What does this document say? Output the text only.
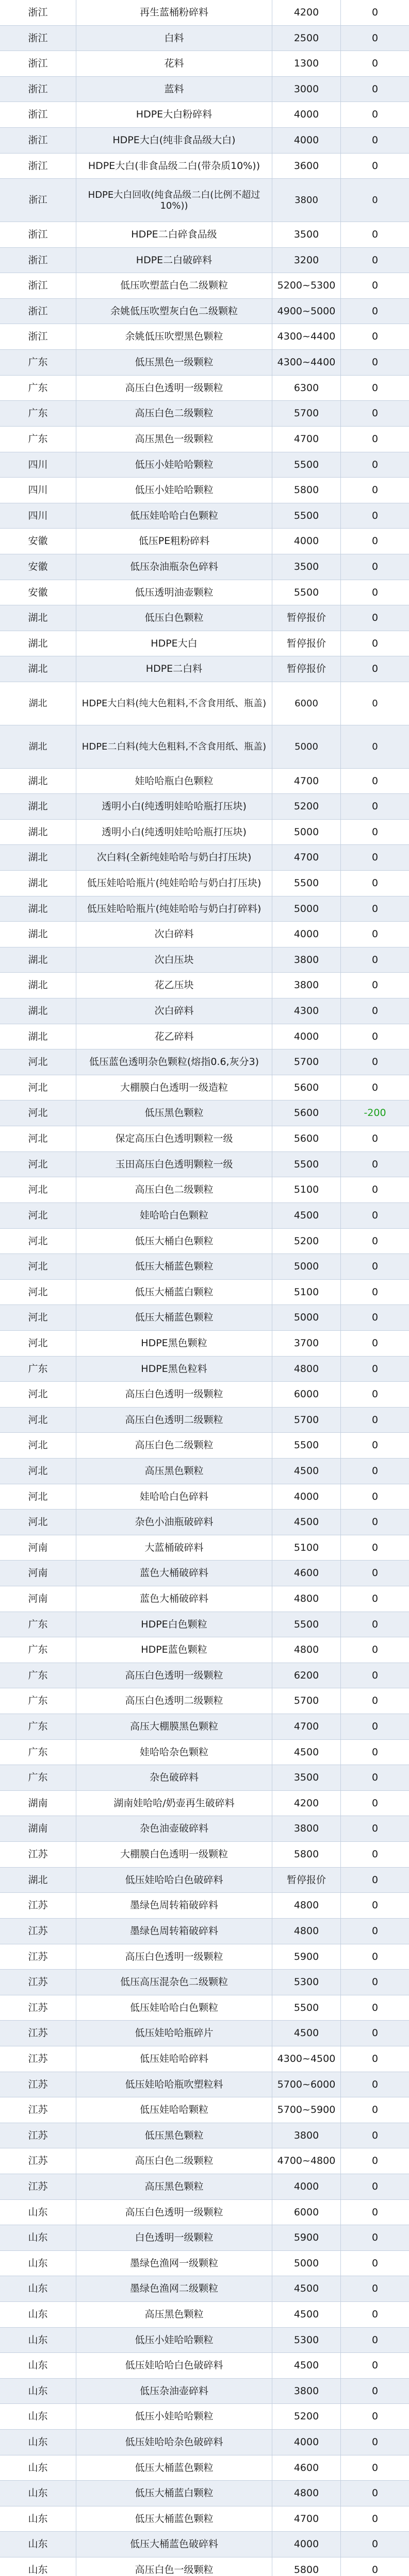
浙江	再生蓝桶粉碎料	4200	0
浙江	白料	2500	0
浙江	花料	1300	0
浙江	蓝料	3000	0
浙江	HDPE大白粉碎料	4000	0
浙江	HDPE大白(纯非食品级大白)	4000	0
浙江	HDPE大白(非食品级二白(带杂质10%))	3600	0
浙江	HDPE大白回收(纯食品级二白(比例不超过10%))	3800	0
浙江	HDPE二白碎食品级	3500	0
浙江	HDPE二白破碎料	3200	0
浙江	低压吹塑蓝白色二级颗粒	5200~5300	0
浙江	余姚低压吹塑灰白色二级颗粒	4900~5000	0
浙江	余姚低压吹塑黑色颗粒	4300~4400	0
广东	低压黑色一级颗粒	4300~4400	0
广东	高压白色透明一级颗粒	6300	0
广东	高压白色二级颗粒	5700	0
广东	高压黑色一级颗粒	4700	0
四川	低压小娃哈哈颗粒	5500	0
四川	低压小娃哈哈颗粒	5800	0
四川	低压娃哈哈白色颗粒	5500	0
安徽	低压PE粗粉碎料	4000	0
安徽	低压杂油瓶杂色碎料	3500	0
安徽	低压透明油壶颗粒	5500	0
湖北	低压白色颗粒	暂停报价	0
湖北	HDPE大白	暂停报价	0
湖北	HDPE二白料	暂停报价	0
湖北	HDPE大白料(纯大色粗料,不含食用纸、瓶盖)	6000	0
湖北	HDPE二白料(纯大色粗料,不含食用纸、瓶盖)	5000	0
湖北	娃哈哈瓶白色颗粒	4700	0
湖北	透明小白(纯透明娃哈哈瓶打压块)	5200	0
湖北	透明小白(纯透明娃哈哈瓶打压块)	5000	0
湖北	次白料(全新纯娃哈哈与奶白打压块)	4700	0
湖北	低压娃哈哈瓶片(纯娃哈哈与奶白打压块)	5500	0
湖北	低压娃哈哈瓶片(纯娃哈哈与奶白打碎料)	5000	0
湖北	次白碎料	4000	0
湖北	次白压块	3800	0
湖北	花乙压块	3800	0
湖北	次白碎料	4300	0
湖北	花乙碎料	4000	0
河北	低压蓝色透明杂色颗粒(熔指0.6,灰分3)	5700	0
河北	大棚膜白色透明一级造粒	5600	0
河北	低压黑色颗粒	5600	-200
河北	保定高压白色透明颗粒一级	5600	0
河北	玉田高压白色透明颗粒一级	5500	0
河北	高压白色二级颗粒	5100	0
河北	娃哈哈白色颗粒	4500	0
河北	低压大桶白色颗粒	5200	0
河北	低压大桶蓝色颗粒	5000	0
河北	低压大桶蓝白颗粒	5100	0
河北	低压大桶蓝色颗粒	5000	0
河北	HDPE黑色颗粒	3700	0
广东	HDPE黑色粒料	4800	0
河北	高压白色透明一级颗粒	6000	0
河北	高压白色透明二级颗粒	5700	0
河北	高压白色二级颗粒	5500	0
河北	高压黑色颗粒	4500	0
河北	娃哈哈白色碎料	4000	0
河北	杂色小油瓶破碎料	4500	0
河南	大蓝桶破碎料	5100	0
河南	蓝色大桶破碎料	4600	0
河南	蓝色大桶破碎料	4800	0
广东	HDPE白色颗粒	5500	0
广东	HDPE蓝色颗粒	4800	0
广东	高压白色透明一级颗粒	6200	0
广东	高压白色透明二级颗粒	5700	0
广东	高压大棚膜黑色颗粒	4700	0
广东	娃哈哈杂色颗粒	4500	0
广东	杂色破碎料	3500	0
湖南	湖南娃哈哈/奶壶再生破碎料	4200	0
湖南	杂色油壶破碎料	3800	0
江苏	大棚膜白色透明一级颗粒	5800	0
湖北	低压娃哈哈白色破碎料	暂停报价	0
江苏	墨绿色周转箱破碎料	4800	0
江苏	墨绿色周转箱破碎料	4800	0
江苏	高压白色透明一级颗粒	5900	0
江苏	低压高压混杂色二级颗粒	5300	0
江苏	低压娃哈哈白色颗粒	5500	0
江苏	低压娃哈哈瓶碎片	4500	0
江苏	低压娃哈哈碎料	4300~4500	0
江苏	低压娃哈哈瓶吹塑粒料	5700~6000	0
江苏	低压娃哈哈颗粒	5700~5900	0
江苏	低压黑色颗粒	3800	0
江苏	高压白色二级颗粒	4700~4800	0
江苏	高压黑色颗粒	4000	0
山东	高压白色透明一级颗粒	6000	0
山东	白色透明一级颗粒	5900	0
山东	墨绿色渔网一级颗粒	5000	0
山东	墨绿色渔网二级颗粒	4500	0
山东	高压黑色颗粒	4500	0
山东	低压小娃哈哈颗粒	5300	0
山东	低压娃哈哈白色破碎料	4500	0
山东	低压杂油壶碎料	3800	0
山东	低压小娃哈哈颗粒	5200	0
山东	低压娃哈哈杂色破碎料	4000	0
山东	低压大桶蓝色颗粒	4600	0
山东	低压大桶蓝白颗粒	4800	0
山东	低压大桶蓝色颗粒	4700	0
山东	低压大桶蓝色破碎料	4000	0
山东	高压白色一级颗粒	5800	0
